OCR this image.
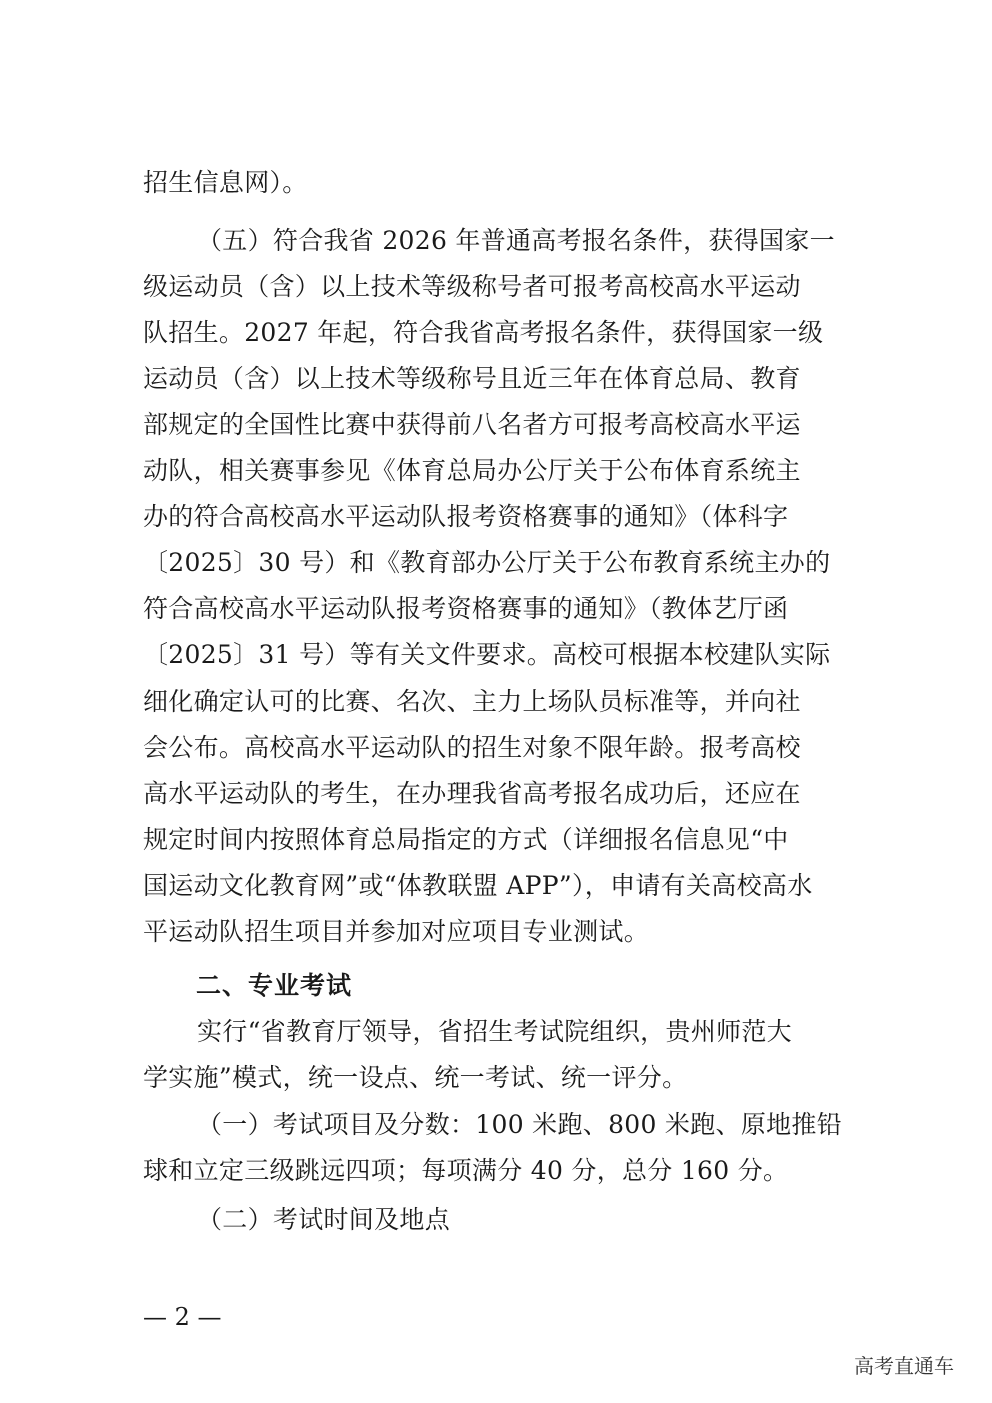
招生信息网）。
（五）符合我省 2026 年普通高考报名条件，获得国家一
级运动员（含）以上技术等级称号者可报考高校高水平运动
队招生。2027 年起，符合我省高考报名条件，获得国家一级
运动员（含）以上技术等级称号且近三年在体育总局、教育
部规定的全国性比赛中获得前八名者方可报考高校高水平运
动队，相关赛事参见《体育总局办公厅关于公布体育系统主
办的符合高校高水平运动队报考资格赛事的通知》（体科字
〔2025〕30 号）和《教育部办公厅关于公布教育系统主办的
符合高校高水平运动队报考资格赛事的通知》（教体艺厅函
〔2025〕31 号）等有关文件要求。高校可根据本校建队实际
细化确定认可的比赛、名次、主力上场队员标准等，并向社
会公布。高校高水平运动队的招生对象不限年龄。报考高校
高水平运动队的考生，在办理我省高考报名成功后，还应在
规定时间内按照体育总局指定的方式（详细报名信息见“中
国运动文化教育网”或“体教联盟 APP”），申请有关高校高水
平运动队招生项目并参加对应项目专业测试。
二、专业考试
实行“省教育厅领导，省招生考试院组织，贵州师范大
学实施”模式，统一设点、统一考试、统一评分。
（一）考试项目及分数：100 米跑、800 米跑、原地推铅
球和立定三级跳远四项；每项满分 40 分，总分 160 分。
（二）考试时间及地点
— 2 —
高考直通车
